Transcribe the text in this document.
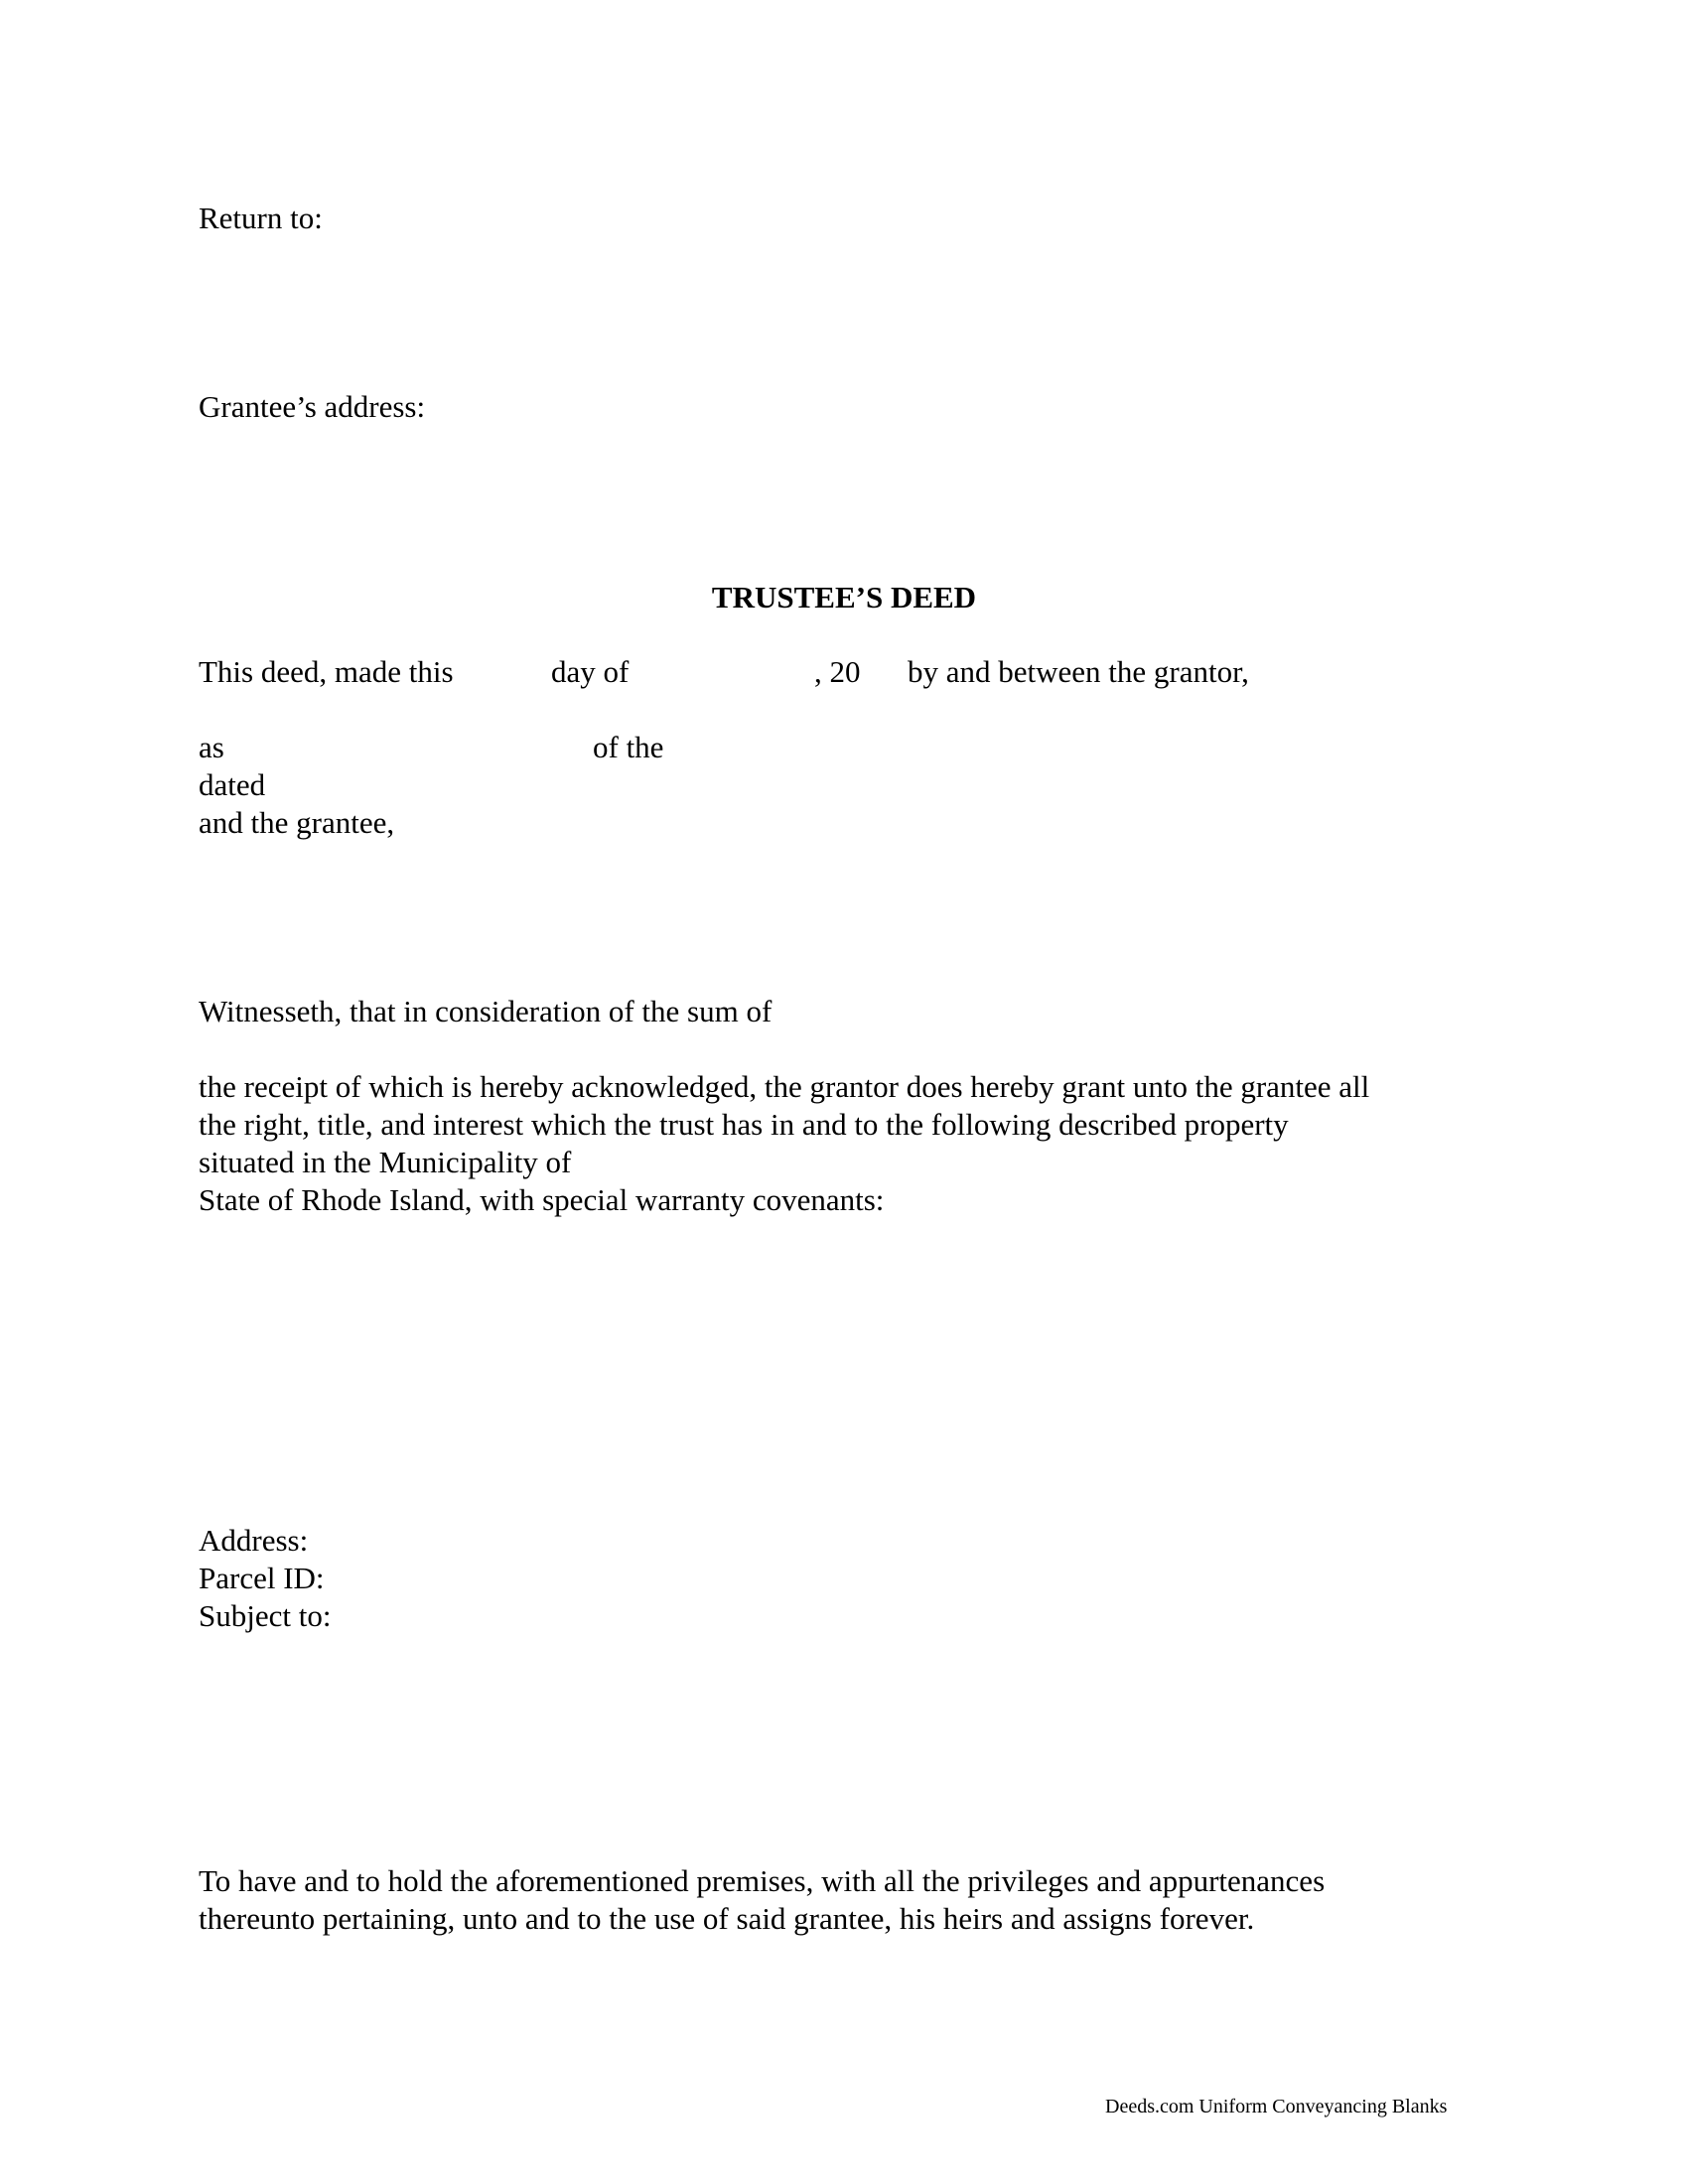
Return to:
Grantee’s address:
TRUSTEE’S DEED
This deed, made this	day of	, 20 by and between the grantor,
as	of the
dated
and the grantee,
Witnesseth, that in consideration of the sum of
the receipt of which is hereby acknowledged, the grantor does hereby grant unto the grantee all
the right, title, and interest which the trust has in and to the following described property
situated in the Municipality of
State of Rhode Island, with special warranty covenants:
Address:
Parcel ID:
Subject to:
To have and to hold the aforementioned premises, with all the privileges and appurtenances
thereunto pertaining, unto and to the use of said grantee, his heirs and assigns forever.
Deeds.com Uniform Conveyancing Blanks
